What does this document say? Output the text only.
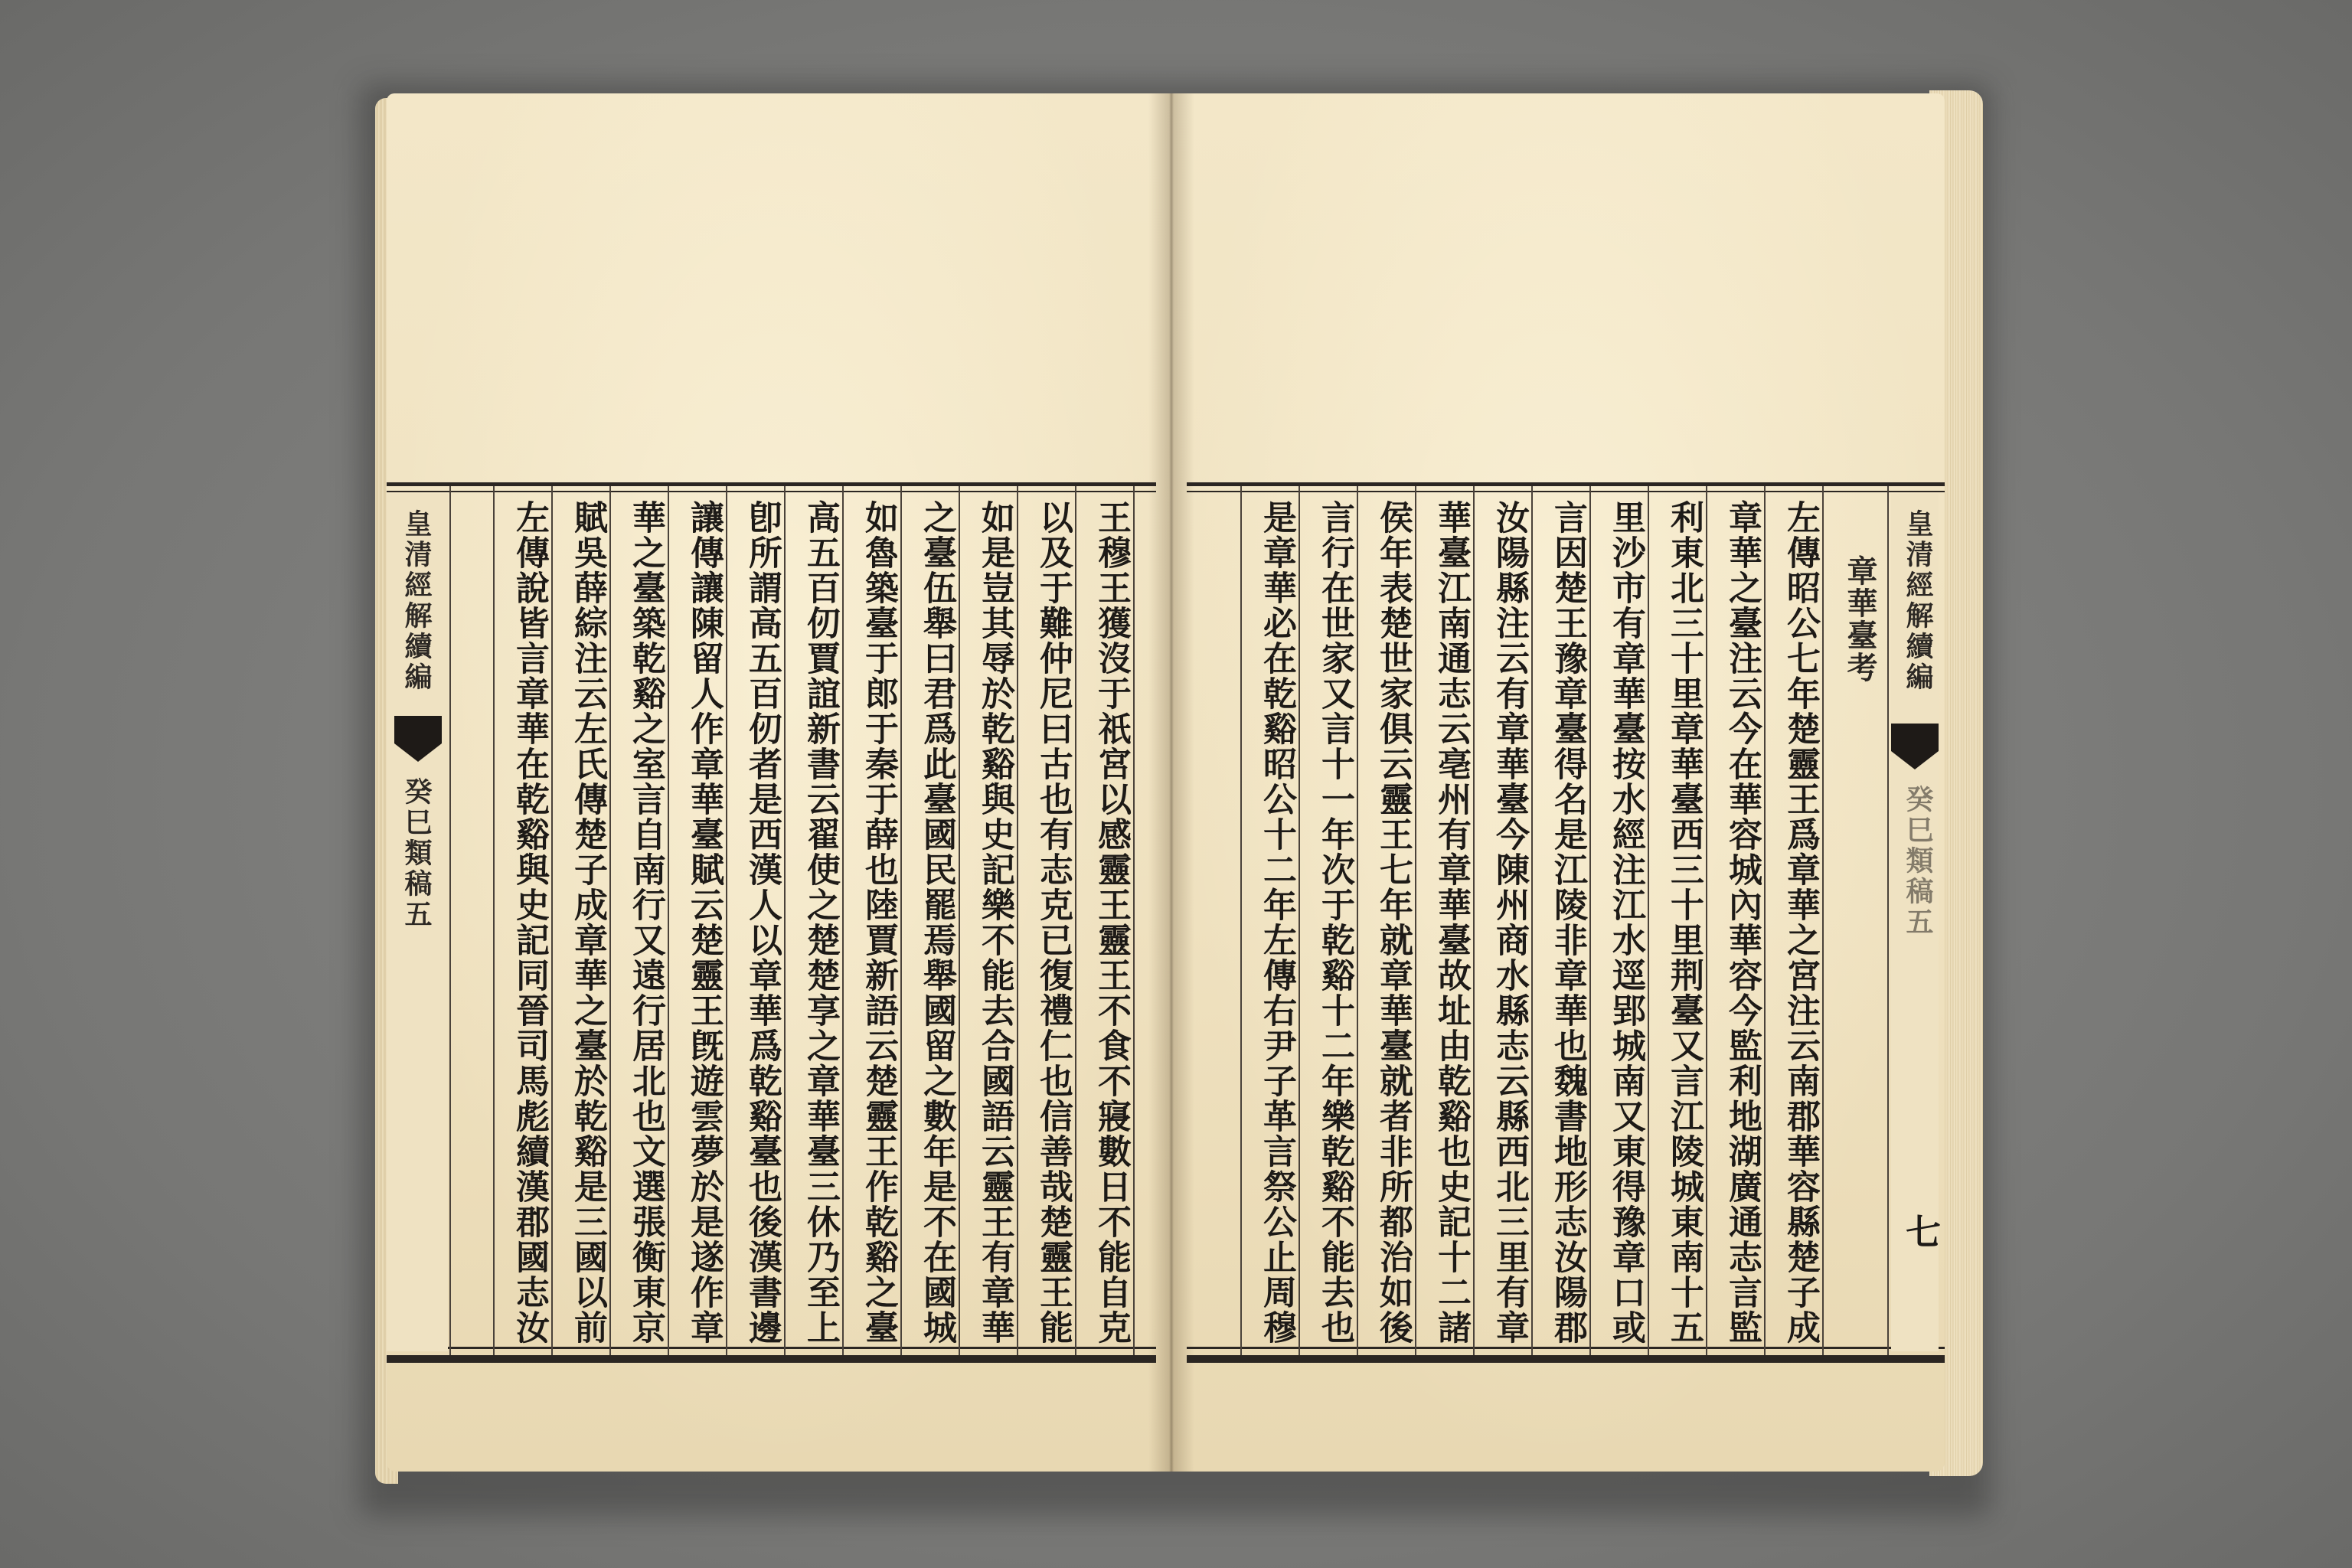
皇清經解續編
癸巳類稿五
七
章華臺考
左傳昭公七年楚靈王爲章華之宮注云南郡華容縣楚子成
章華之臺注云今在華容城內華容今監利地湖廣通志言監
利東北三十里章華臺西三十里荆臺又言江陵城東南十五
里沙市有章華臺按水經注江水逕郢城南又東得豫章口或
言因楚王豫章臺得名是江陵非章華也魏書地形志汝陽郡
汝陽縣注云有章華臺今陳州商水縣志云縣西北三里有章
華臺江南通志云亳州有章華臺故址由乾谿也史記十二諸
侯年表楚世家俱云靈王七年就章華臺就者非所都治如後
言行在世家又言十一年次于乾谿十二年樂乾谿不能去也
是章華必在乾谿昭公十二年左傳右尹子革言祭公止周穆
王穆王獲沒于祇宮以感靈王靈王不食不寢數日不能自克
以及于難仲尼曰古也有志克已復禮仁也信善哉楚靈王能
如是豈其辱於乾谿與史記樂不能去合國語云靈王有章華
之臺伍舉曰君爲此臺國民罷焉舉國留之數年是不在國城
如魯築臺于郎于秦于薛也陸賈新語云楚靈王作乾谿之臺
高五百仞賈誼新書云翟使之楚楚享之章華臺三休乃至上
卽所謂高五百仞者是西漢人以章華爲乾谿臺也後漢書邊
讓傳讓陳留人作章華臺賦云楚靈王旣遊雲夢於是遂作章
華之臺築乾谿之室言自南行又遠行居北也文選張衡東京
賦吳薛綜注云左氏傳楚子成章華之臺於乾谿是三國以前
左傳說皆言章華在乾谿與史記同晉司馬彪續漢郡國志汝
皇清經解續編
癸巳類稿五
